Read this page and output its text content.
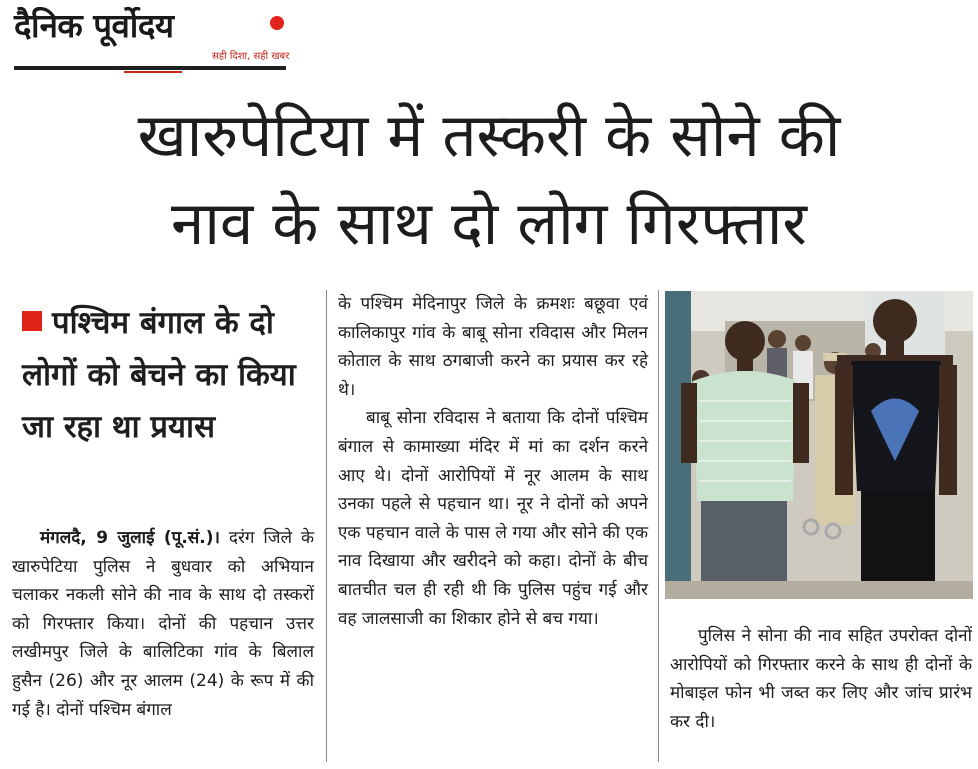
दैनिक पूर्वोदय
सही दिशा, सही खबर
खारुपेटिया में तस्करी के सोने की
नाव के साथ दो लोग गिरफ्तार
पश्चिम बंगाल के दो लोगों को बेचने का किया जा रहा था प्रयास

मंगलदै, 9 जुलाई (पू.सं.)। दरंग जिले के खारुपेटिया पुलिस ने बुधवार को अभियान चलाकर नकली सोने की नाव के साथ दो तस्करों को गिरफ्तार किया। दोनों की पहचान उत्तर लखीमपुर जिले के बालिटिका गांव के बिलाल हुसैन (26) और नूर आलम (24) के रूप में की गई है। दोनों पश्चिम बंगाल

के पश्चिम मेदिनापुर जिले के क्रमशः बछूवा एवं कालिकापुर गांव के बाबू सोना रविदास और मिलन कोताल के साथ ठगबाजी करने का प्रयास कर रहे थे।

बाबू सोना रविदास ने बताया कि दोनों पश्चिम बंगाल से कामाख्या मंदिर में मां का दर्शन करने आए थे। दोनों आरोपियों में नूर आलम के साथ उनका पहले से पहचान था। नूर ने दोनों को अपने एक पहचान वाले के पास ले गया और सोने की एक नाव दिखाया और खरीदने को कहा। दोनों के बीच बातचीत चल ही रही थी कि पुलिस पहुंच गई और वह जालसाजी का शिकार होने से बच गया।

पुलिस ने सोना की नाव सहित उपरोक्त दोनों आरोपियों को गिरफ्तार करने के साथ ही दोनों के मोबाइल फोन भी जब्त कर लिए और जांच प्रारंभ कर दी।
